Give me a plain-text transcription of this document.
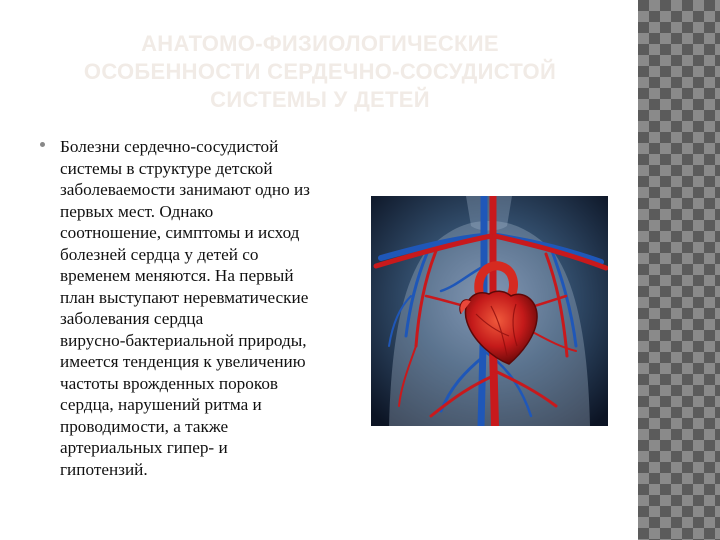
АНАТОМО-ФИЗИОЛОГИЧЕСКИЕ
ОСОБЕННОСТИ СЕРДЕЧНО-СОСУДИСТОЙ
СИСТЕМЫ У ДЕТЕЙ
Болезни сердечно-сосудистой
системы в структуре детской
заболеваемости занимают одно из
первых мест. Однако
соотношение, симптомы и исход
болезней сердца у детей со
временем меняются. На первый
план выступают неревматические
заболевания сердца
вирусно-бактериальной природы,
имеется тенденция к увеличению
частоты врожденных пороков
сердца, нарушений ритма и
проводимости, а также
артериальных гипер- и
гипотензий.
